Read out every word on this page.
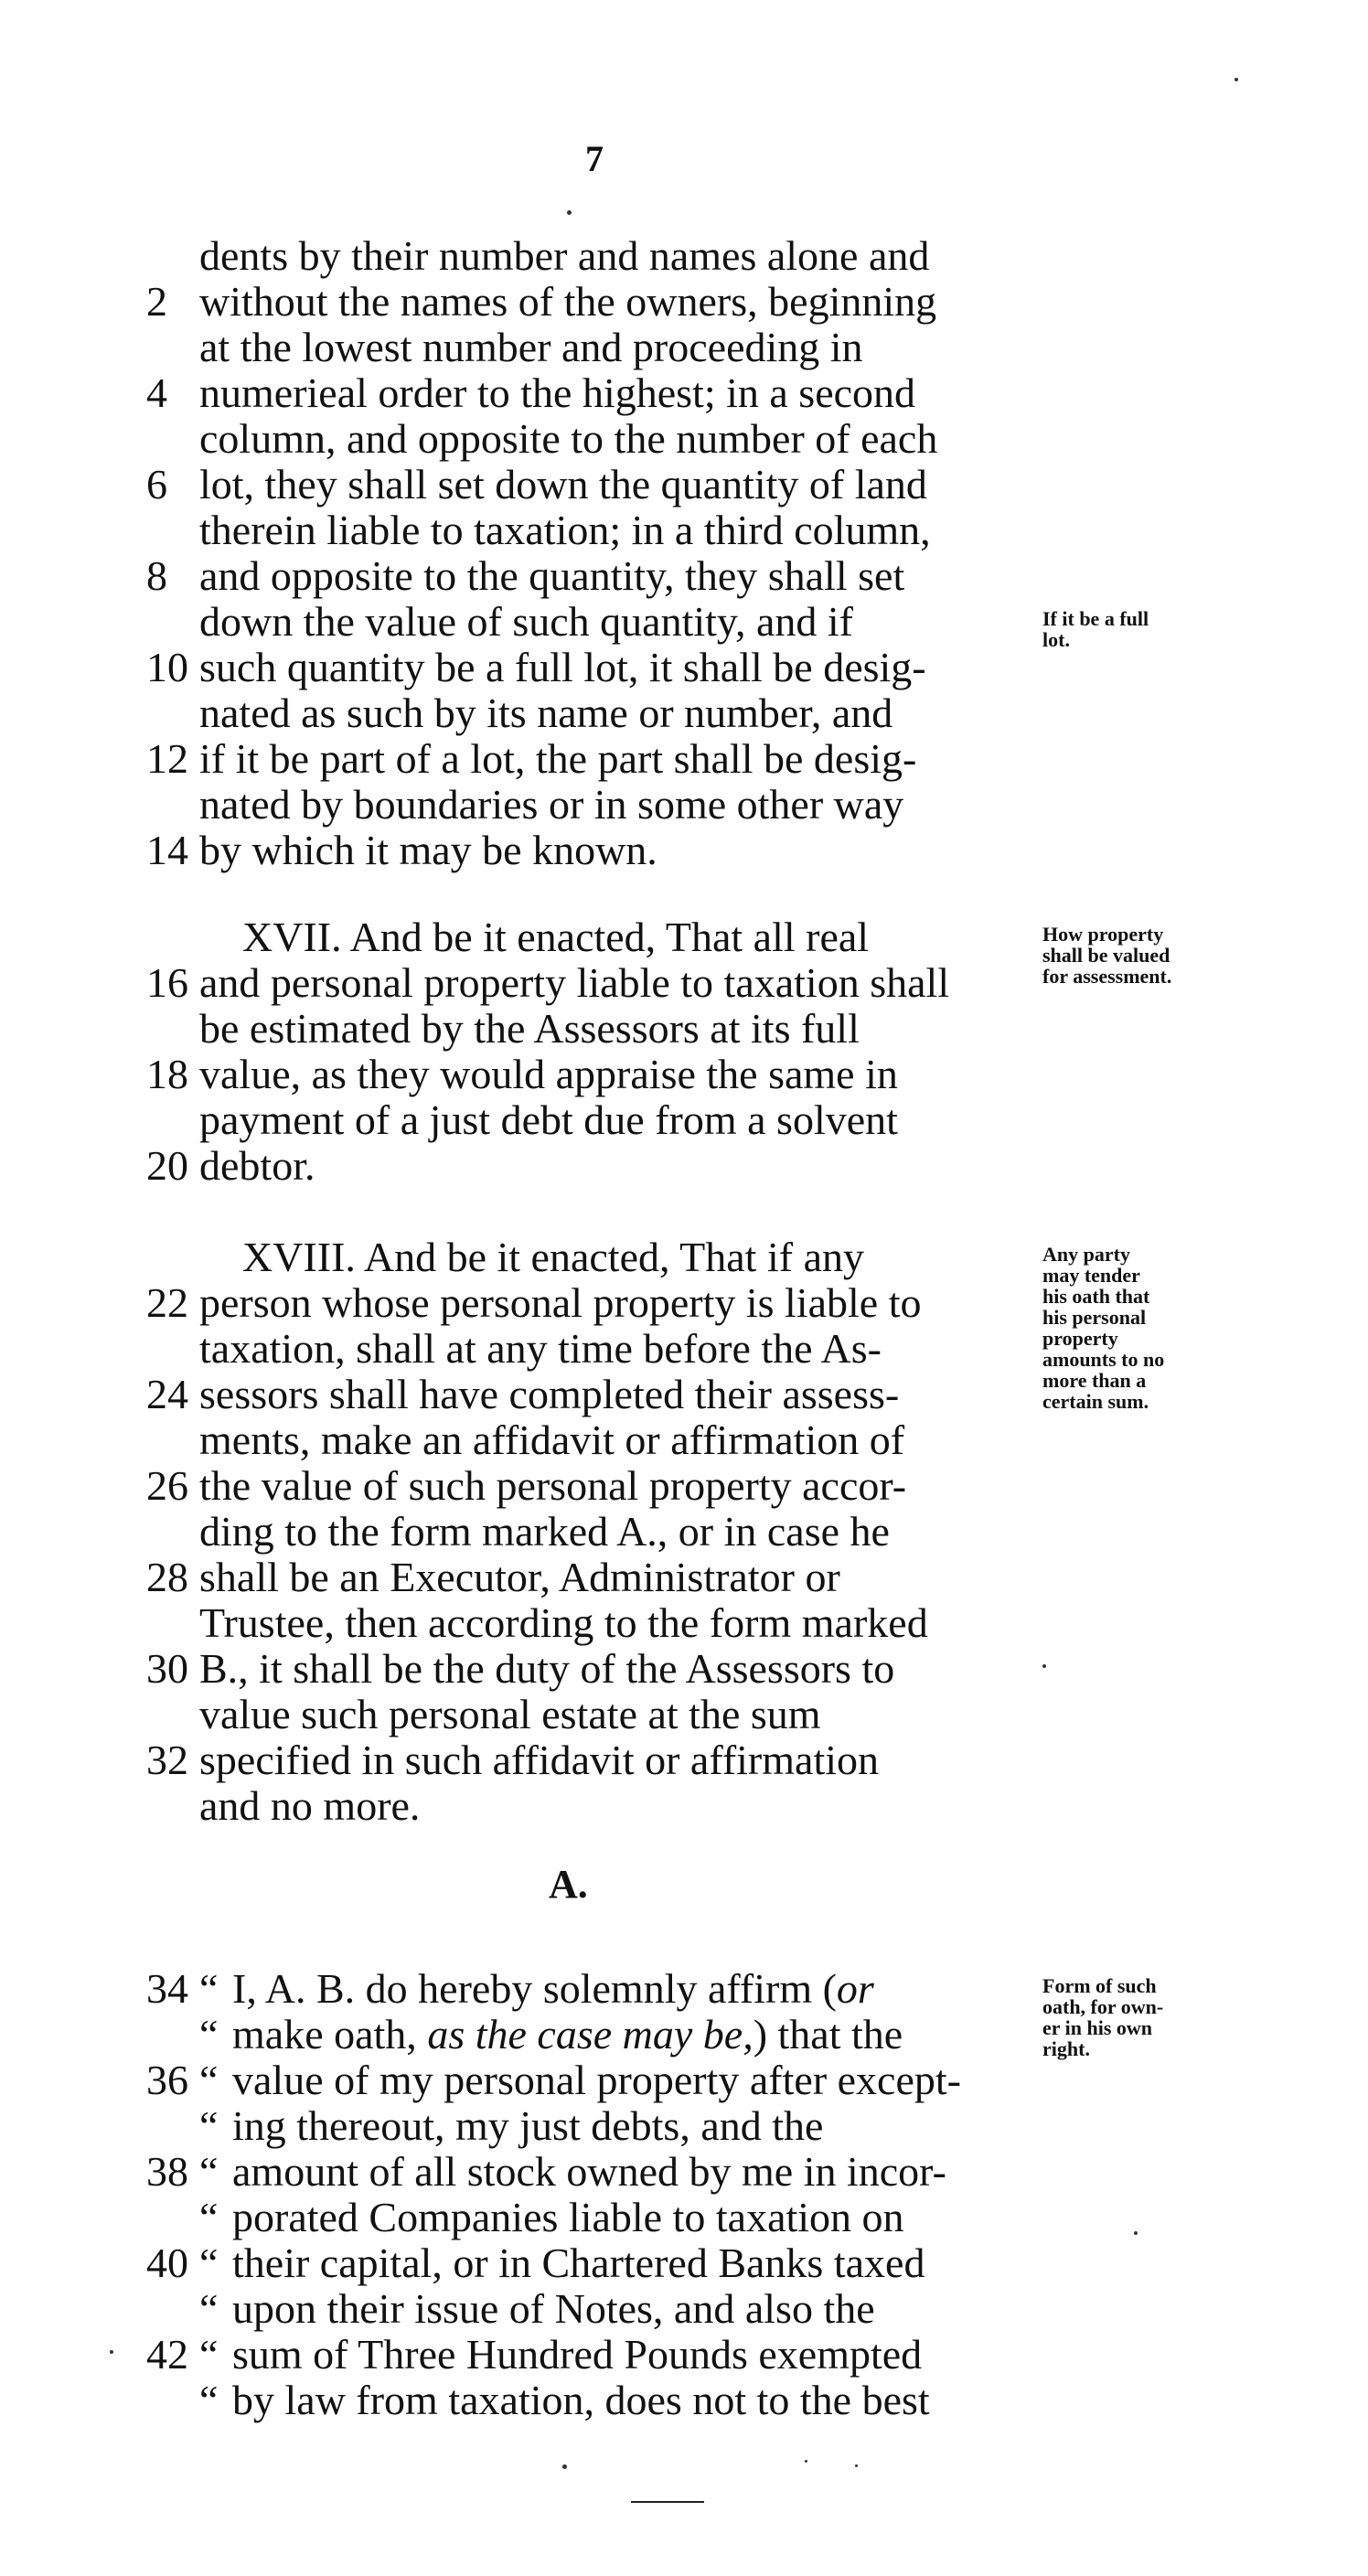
7
dents by their number and names alone and
2 without the names of the owners, beginning
at the lowest number and proceeding in
4 numerieal order to the highest; in a second
column, and opposite to the number of each
6 lot, they shall set down the quantity of land
therein liable to taxation; in a third column,
8 and opposite to the quantity, they shall set
down the value of such quantity, and if
10 such quantity be a full lot, it shall be desig-
nated as such by its name or number, and
12 if it be part of a lot, the part shall be desig-
nated by boundaries or in some other way
14 by which it may be known.
XVII. And be it enacted, That all real
16 and personal property liable to taxation shall
be estimated by the Assessors at its full
18 value, as they would appraise the same in
payment of a just debt due from a solvent
20 debtor.
XVIII. And be it enacted, That if any
22 person whose personal property is liable to
taxation, shall at any time before the As-
24 sessors shall have completed their assess-
ments, make an affidavit or affirmation of
26 the value of such personal property accor-
ding to the form marked A., or in case he
28 shall be an Executor, Administrator or
Trustee, then according to the form marked
30 B., it shall be the duty of the Assessors to
value such personal estate at the sum
32 specified in such affidavit or affirmation
and no more.
A.
34 “ I, A. B. do hereby solemnly affirm (or
“ make oath, as the case may be,) that the
36 “ value of my personal property after except-
“ ing thereout, my just debts, and the
38 “ amount of all stock owned by me in incor-
“ porated Companies liable to taxation on
40 “ their capital, or in Chartered Banks taxed
“ upon their issue of Notes, and also the
42 “ sum of Three Hundred Pounds exempted
“ by law from taxation, does not to the best
If it be a full
lot.
How property
shall be valued
for assessment.
Any party
may tender
his oath that
his personal
property
amounts to no
more than a
certain sum.
Form of such
oath, for own-
er in his own
right.
